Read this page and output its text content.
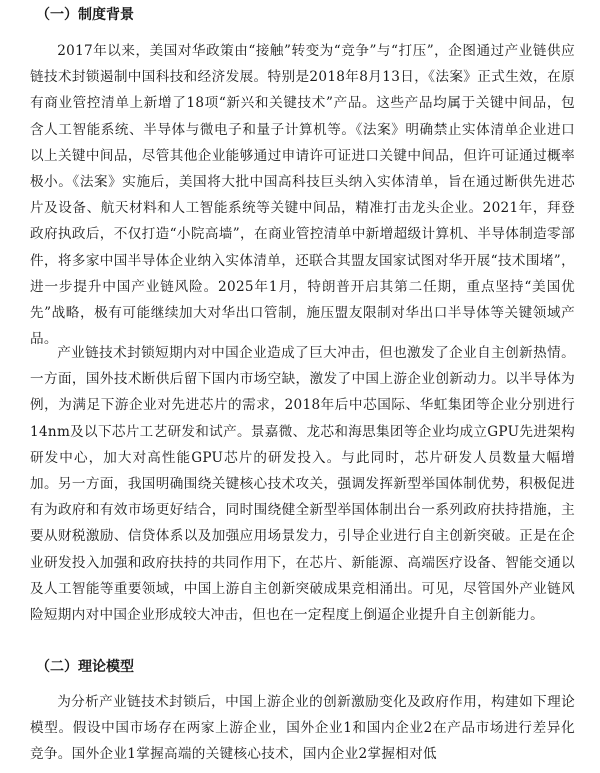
（一）制度背景

2017年以来，美国对华政策由“接触”转变为“竞争”与“打压”，企图通过产业链供应链技术封锁遏制中国科技和经济发展。特别是2018年8月13日，《法案》正式生效，在原有商业管控清单上新增了18项“新兴和关键技术”产品。这些产品均属于关键中间品，包含人工智能系统、半导体与微电子和量子计算机等。《法案》明确禁止实体清单企业进口以上关键中间品，尽管其他企业能够通过申请许可证进口关键中间品，但许可证通过概率极小。《法案》实施后，美国将大批中国高科技巨头纳入实体清单，旨在通过断供先进芯片及设备、航天材料和人工智能系统等关键中间品，精准打击龙头企业。2021年，拜登政府执政后，不仅打造“小院高墙”，在商业管控清单中新增超级计算机、半导体制造零部件，将多家中国半导体企业纳入实体清单，还联合其盟友国家试图对华开展“技术围堵”，进一步提升中国产业链风险。2025年1月，特朗普开启其第二任期，重点坚持“美国优先”战略，极有可能继续加大对华出口管制，施压盟友限制对华出口半导体等关键领域产品。

产业链技术封锁短期内对中国企业造成了巨大冲击，但也激发了企业自主创新热情。一方面，国外技术断供后留下国内市场空缺，激发了中国上游企业创新动力。以半导体为例，为满足下游企业对先进芯片的需求，2018年后中芯国际、华虹集团等企业分别进行14nm及以下芯片工艺研发和试产。景嘉微、龙芯和海思集团等企业均成立GPU先进架构研发中心，加大对高性能GPU芯片的研发投入。与此同时，芯片研发人员数量大幅增加。另一方面，我国明确围绕关键核心技术攻关，强调发挥新型举国体制优势，积极促进有为政府和有效市场更好结合，同时围绕健全新型举国体制出台一系列政府扶持措施，主要从财税激励、信贷体系以及加强应用场景发力，引导企业进行自主创新突破。正是在企业研发投入加强和政府扶持的共同作用下，在芯片、新能源、高端医疗设备、智能交通以及人工智能等重要领域，中国上游自主创新突破成果竞相涌出。可见，尽管国外产业链风险短期内对中国企业形成较大冲击，但也在一定程度上倒逼企业提升自主创新能力。

（二）理论模型

为分析产业链技术封锁后，中国上游企业的创新激励变化及政府作用，构建如下理论模型。假设中国市场存在两家上游企业，国外企业1和国内企业2在产品市场进行差异化竞争。国外企业1掌握高端的关键核心技术，国内企业2掌握相对低
